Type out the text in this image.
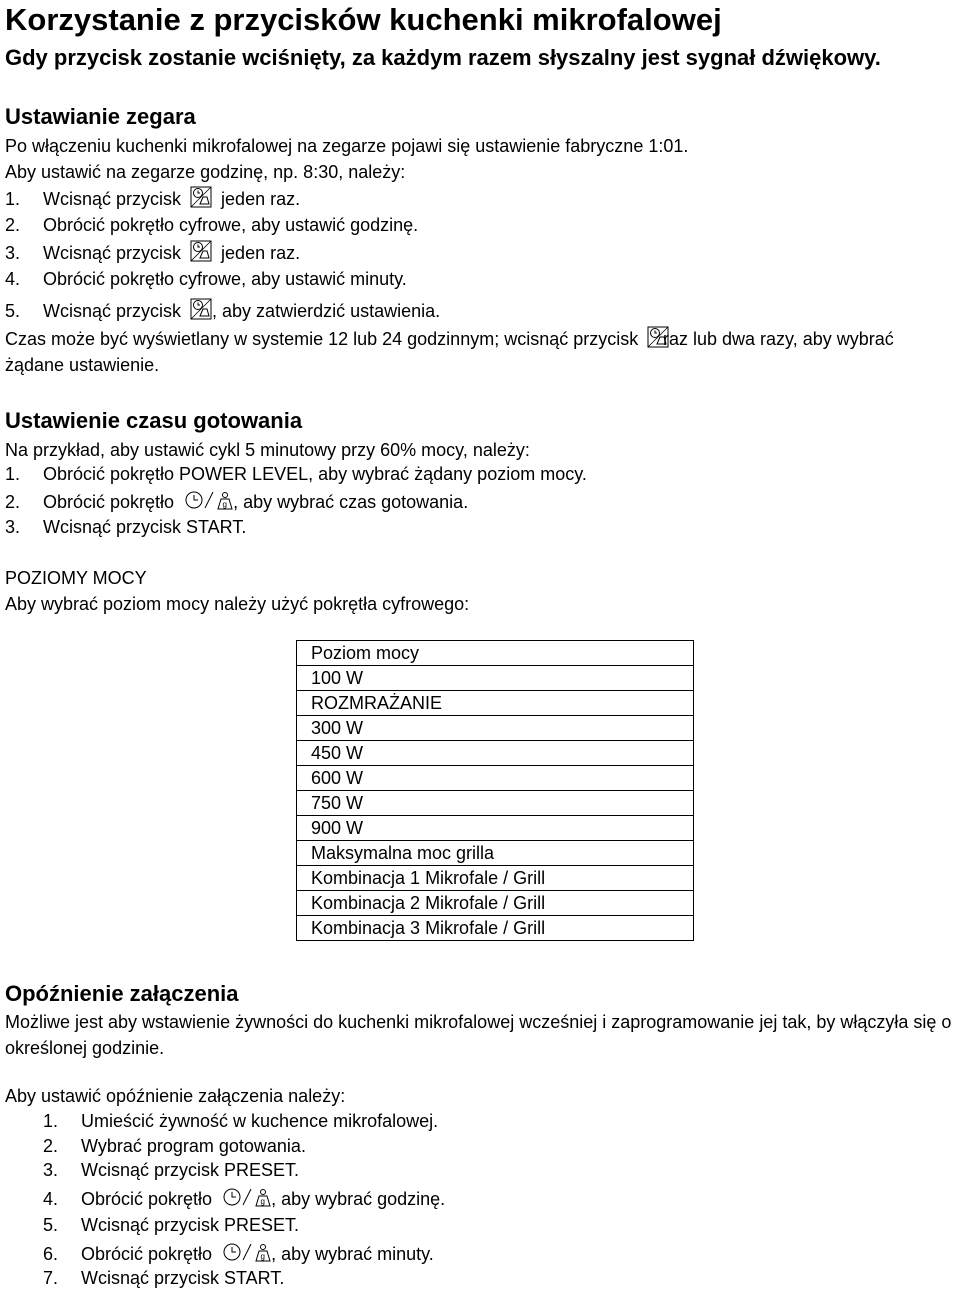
Korzystanie z przycisków kuchenki mikrofalowej
Gdy przycisk zostanie wciśnięty, za każdym razem słyszalny jest sygnał dźwiękowy.
Ustawianie zegara
Po włączeniu kuchenki mikrofalowej na zegarze pojawi się ustawienie fabryczne 1:01.
Aby ustawić na zegarze godzinę, np. 8:30, należy:
1. Wcisnąć przycisk jeden raz.
2. Obrócić pokrętło cyfrowe, aby ustawić godzinę.
3. Wcisnąć przycisk jeden raz.
4. Obrócić pokrętło cyfrowe, aby ustawić minuty.
5. Wcisnąć przycisk , aby zatwierdzić ustawienia.
Czas może być wyświetlany w systemie 12 lub 24 godzinnym; wcisnąć przycisk	raz lub dwa razy, aby wybrać żądane ustawienie.
Ustawienie czasu gotowania
Na przykład, aby ustawić cykl 5 minutowy przy 60% mocy, należy:
1. Obrócić pokrętło POWER LEVEL, aby wybrać żądany poziom mocy.
2. Obrócić pokrętło	g , aby wybrać czas gotowania.
3. Wcisnąć przycisk START.
POZIOMY MOCY
Aby wybrać poziom mocy należy użyć pokrętła cyfrowego:
Poziom mocy
100 W
ROZMRAŻANIE
300 W
450 W
600 W
750 W
900 W
Maksymalna moc grilla
Kombinacja 1 Mikrofale / Grill
Kombinacja 2 Mikrofale / Grill
Kombinacja 3 Mikrofale / Grill
Opóźnienie załączenia
Możliwe jest aby wstawienie żywności do kuchenki mikrofalowej wcześniej i zaprogramowanie jej tak, by włączyła się o określonej godzinie.
Aby ustawić opóźnienie załączenia należy:
1. Umieścić żywność w kuchence mikrofalowej.
2. Wybrać program gotowania.
3. Wcisnąć przycisk PRESET.
4. Obrócić pokrętło	g , aby wybrać godzinę.
5. Wcisnąć przycisk PRESET.
6. Obrócić pokrętło	g , aby wybrać minuty.
7. Wcisnąć przycisk START.
